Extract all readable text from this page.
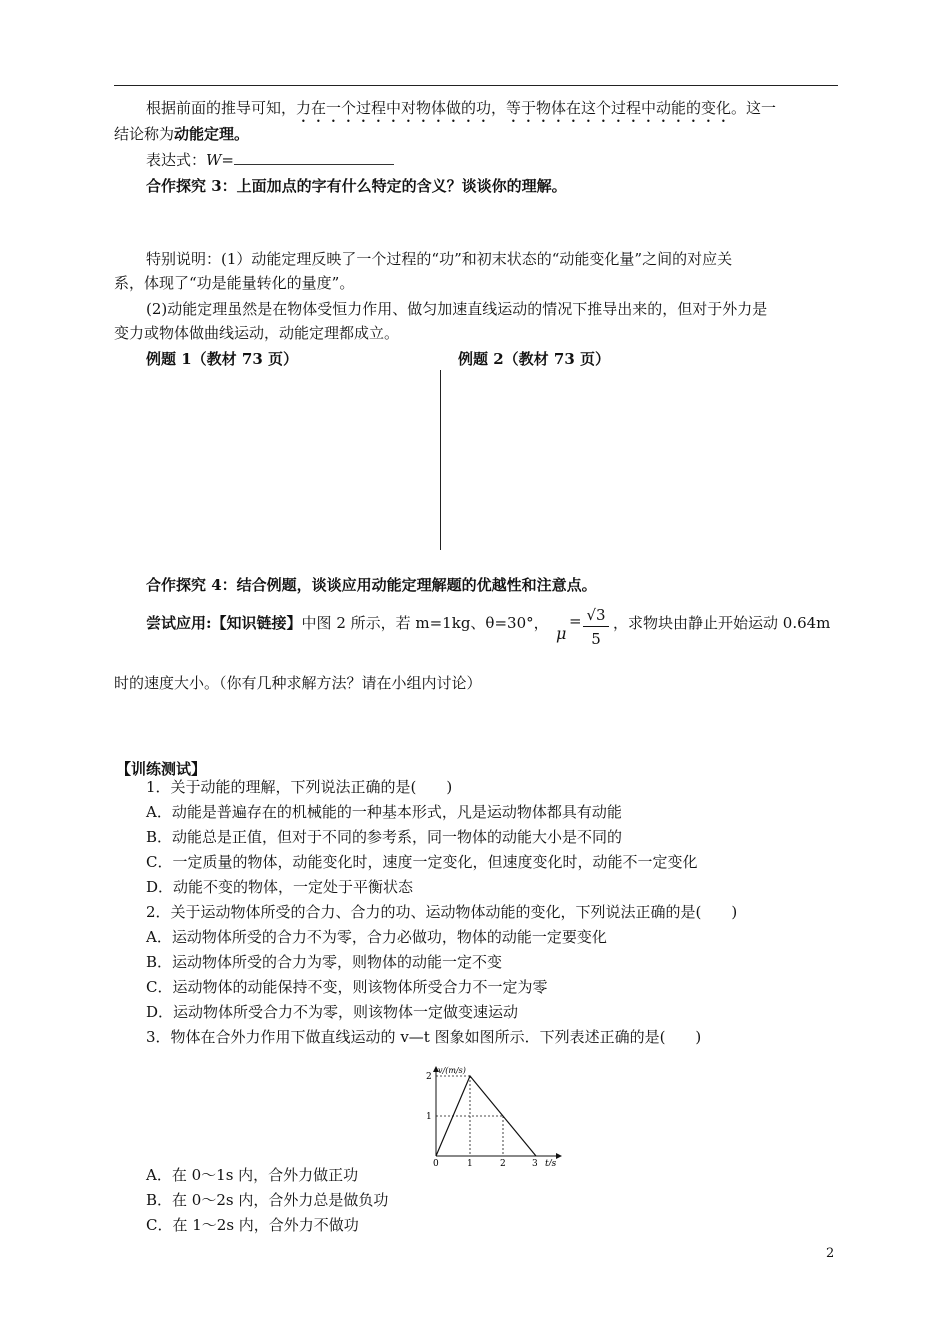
根据前面的推导可知，力在一个过程中对物体做的功，等于物体在这个过程中动能的变化。这一
结论称为动能定理。
表达式：W=
合作探究 3：上面加点的字有什么特定的含义？谈谈你的理解。
特别说明：(1）动能定理反映了一个过程的“功”和初末状态的“动能变化量”之间的对应关
系，体现了“功是能量转化的量度”。
(2)动能定理虽然是在物体受恒力作用、做匀加速直线运动的情况下推导出来的，但对于外力是
变力或物体做曲线运动，动能定理都成立。
例题 1（教材 73 页）	例题 2（教材 73 页）
合作探究 4：结合例题，谈谈应用动能定理解题的优越性和注意点。
尝试应用:【知识链接】中图 2 所示，若 m=1kg、θ=30°，
μ
= $\frac{√3}{5}$ ，求物块由静止开始运动 0.64m
时的速度大小。（你有几种求解方法？请在小组内讨论）
【训练测试】
1．关于动能的理解，下列说法正确的是(　　)
A．动能是普遍存在的机械能的一种基本形式，凡是运动物体都具有动能
B．动能总是正值，但对于不同的参考系，同一物体的动能大小是不同的
C．一定质量的物体，动能变化时，速度一定变化，但速度变化时，动能不一定变化
D．动能不变的物体，一定处于平衡状态
2．关于运动物体所受的合力、合力的功、运动物体动能的变化，下列说法正确的是(　　)
A．运动物体所受的合力不为零，合力必做功，物体的动能一定要变化
B．运动物体所受的合力为零，则物体的动能一定不变
C．运动物体的动能保持不变，则该物体所受合力不一定为零
D．运动物体所受合力不为零，则该物体一定做变速运动
3．物体在合外力作用下做直线运动的 v—t 图象如图所示．下列表述正确的是(　　)
v/(m/s)
2
1
0	1	2	3 t/s
A．在 0～1s 内，合外力做正功
B．在 0～2s 内，合外力总是做负功
C．在 1～2s 内，合外力不做功
2
